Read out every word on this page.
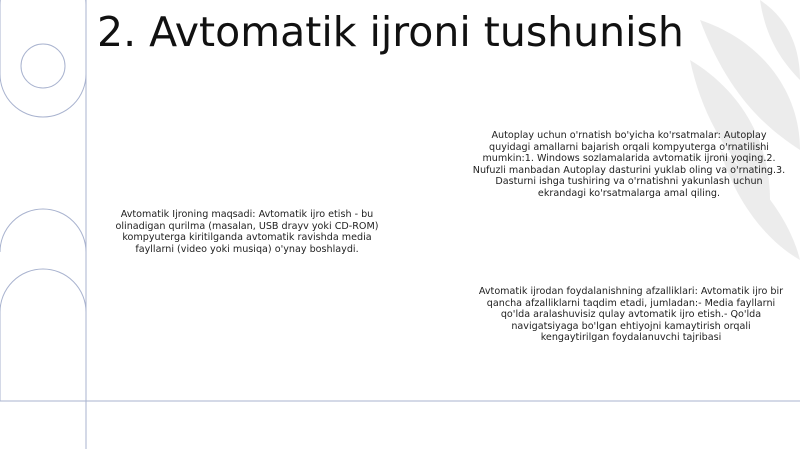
2. Avtomatik ijroni tushunish

Avtomatik Ijroning maqsadi: Avtomatik ijro etish - bu olinadigan qurilma (masalan, USB drayv yoki CD-ROM) kompyuterga kiritilganda avtomatik ravishda media fayllarni (video yoki musiqa) o'ynay boshlaydi.

Autoplay uchun o'rnatish bo'yicha ko'rsatmalar: Autoplay quyidagi amallarni bajarish orqali kompyuterga o'rnatilishi mumkin:1. Windows sozlamalarida avtomatik ijroni yoqing.2. Nufuzli manbadan Autoplay dasturini yuklab oling va o'rnating.3. Dasturni ishga tushiring va o'rnatishni yakunlash uchun ekrandagi ko'rsatmalarga amal qiling.

Avtomatik ijrodan foydalanishning afzalliklari: Avtomatik ijro bir qancha afzalliklarni taqdim etadi, jumladan:- Media fayllarni qo'lda aralashuvisiz qulay avtomatik ijro etish.- Qo'lda navigatsiyaga bo'lgan ehtiyojni kamaytirish orqali kengaytirilgan foydalanuvchi tajribasi
